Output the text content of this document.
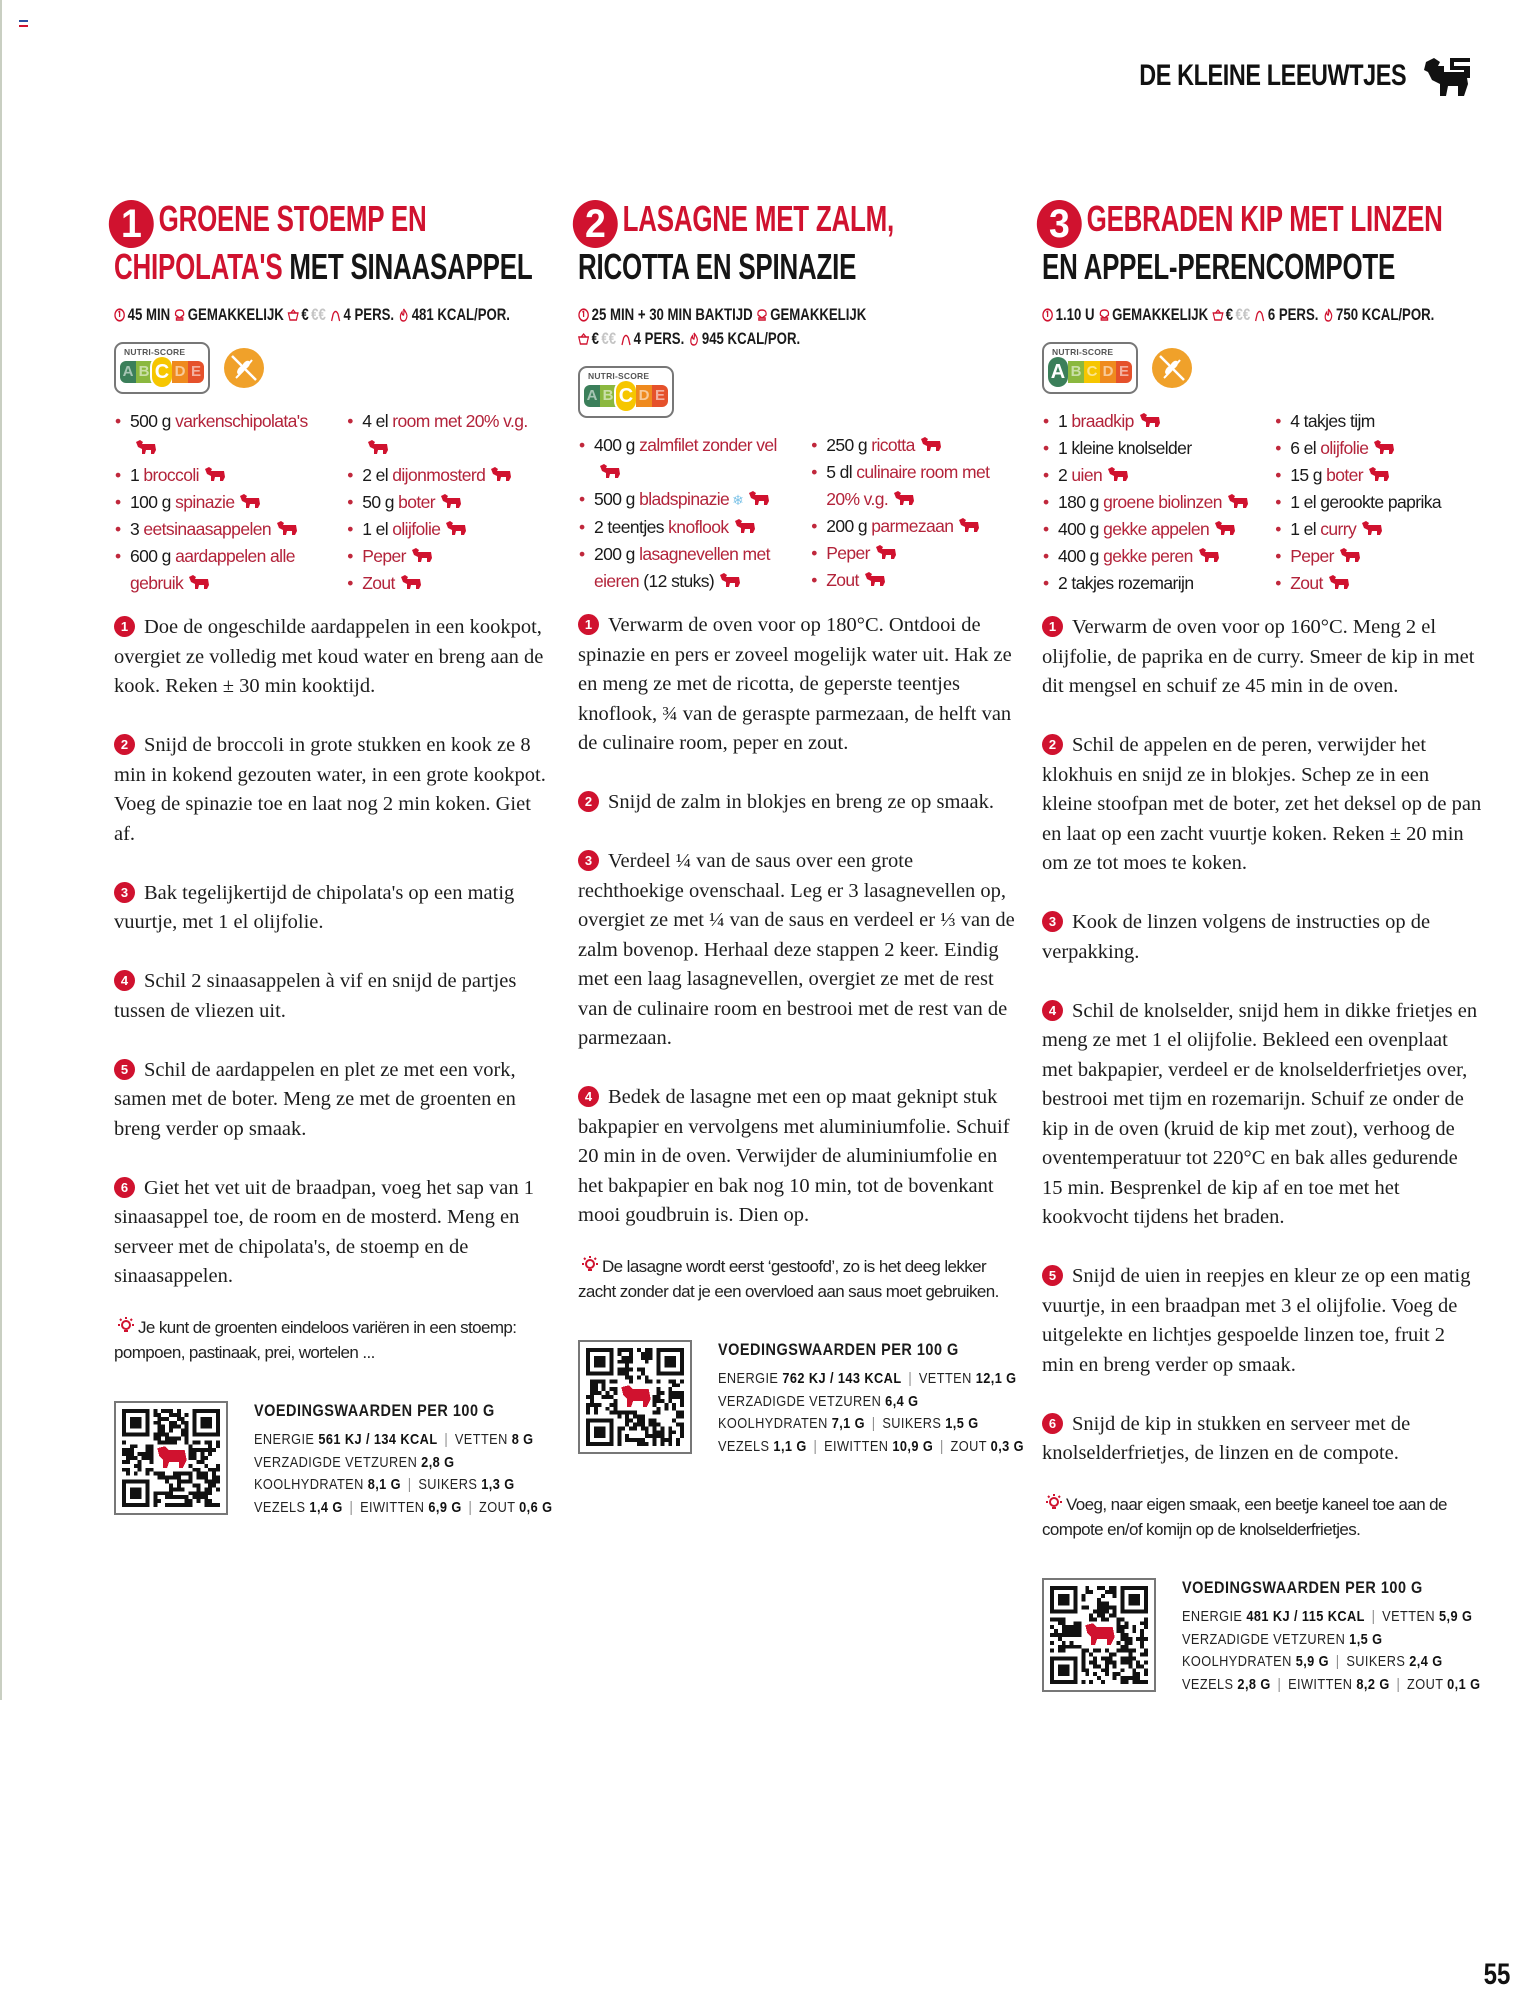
DE KLEINE LEEUWTJES
1 GROENE STOEMP EN
CHIPOLATA'S MET SINAASAPPEL
45 MIN GEMAKKELIJK € €€ 4 PERS. 481 KCAL/POR.
NUTRI-SCORE
A B C D E
• 500 g varkenschipolata's
• 1 broccoli
• 100 g spinazie
• 3 eetsinaasappelen
• 600 g aardappelen alle gebruik
• 4 el room met 20% v.g.
• 2 el dijonmosterd
• 50 g boter
• 1 el olijfolie
• Peper
• Zout

1 Doe de ongeschilde aardappelen in een kookpot, overgiet ze volledig met koud water en breng aan de kook. Reken ± 30 min kooktijd.

2 Snijd de broccoli in grote stukken en kook ze 8 min in kokend gezouten water, in een grote kookpot. Voeg de spinazie toe en laat nog 2 min koken. Giet af.

3 Bak tegelijkertijd de chipolata's op een matig vuurtje, met 1 el olijfolie.

4 Schil 2 sinaasappelen à vif en snijd de partjes tussen de vliezen uit.

5 Schil de aardappelen en plet ze met een vork, samen met de boter. Meng ze met de groenten en breng verder op smaak.

6 Giet het vet uit de braadpan, voeg het sap van 1 sinaasappel toe, de room en de mosterd. Meng en serveer met de chipolata's, de stoemp en de sinaasappelen.

Je kunt de groenten eindeloos variëren in een stoemp: pompoen, pastinaak, prei, wortelen ...
VOEDINGSWAARDEN PER 100 G
ENERGIE 561 KJ / 134 KCAL | VETTEN 8 G
VERZADIGDE VETZUREN 2,8 G
KOOLHYDRATEN 8,1 G | SUIKERS 1,3 G
VEZELS 1,4 G | EIWITTEN 6,9 G | ZOUT 0,6 G
2 LASAGNE MET ZALM,
RICOTTA EN SPINAZIE
25 MIN + 30 MIN BAKTIJD GEMAKKELIJK
€ €€ 4 PERS. 945 KCAL/POR.
NUTRI-SCORE
A B C D E
• 400 g zalmfilet zonder vel
• 500 g bladspinazie ❄
• 2 teentjes knoflook
• 200 g lasagnevellen met eieren (12 stuks)
• 250 g ricotta
• 5 dl culinaire room met 20% v.g.
• 200 g parmezaan
• Peper
• Zout

1 Verwarm de oven voor op 180°C. Ontdooi de spinazie en pers er zoveel mogelijk water uit. Hak ze en meng ze met de ricotta, de geperste teentjes knoflook, ¾ van de geraspte parmezaan, de helft van de culinaire room, peper en zout.

2 Snijd de zalm in blokjes en breng ze op smaak.

3 Verdeel ¼ van de saus over een grote rechthoekige ovenschaal. Leg er 3 lasagnevellen op, overgiet ze met ¼ van de saus en verdeel er ⅓ van de zalm bovenop. Herhaal deze stappen 2 keer. Eindig met een laag lasagnevellen, overgiet ze met de rest van de culinaire room en bestrooi met de rest van de parmezaan.

4 Bedek de lasagne met een op maat geknipt stuk bakpapier en vervolgens met aluminiumfolie. Schuif 20 min in de oven. Verwijder de aluminiumfolie en het bakpapier en bak nog 10 min, tot de bovenkant mooi goudbruin is. Dien op.

De lasagne wordt eerst ‘gestoofd’, zo is het deeg lekker zacht zonder dat je een overvloed aan saus moet gebruiken.
VOEDINGSWAARDEN PER 100 G
ENERGIE 762 KJ / 143 KCAL | VETTEN 12,1 G
VERZADIGDE VETZUREN 6,4 G
KOOLHYDRATEN 7,1 G | SUIKERS 1,5 G
VEZELS 1,1 G | EIWITTEN 10,9 G | ZOUT 0,3 G
3 GEBRADEN KIP MET LINZEN
EN APPEL-PERENCOMPOTE
1.10 U GEMAKKELIJK € €€ 6 PERS. 750 KCAL/POR.
NUTRI-SCORE
A B C D E
• 1 braadkip
• 1 kleine knolselder
• 2 uien
• 180 g groene biolinzen
• 400 g gekke appelen
• 400 g gekke peren
• 2 takjes rozemarijn
• 4 takjes tijm
• 6 el olijfolie
• 15 g boter
• 1 el gerookte paprika
• 1 el curry
• Peper
• Zout

1 Verwarm de oven voor op 160°C. Meng 2 el olijfolie, de paprika en de curry. Smeer de kip in met dit mengsel en schuif ze 45 min in de oven.

2 Schil de appelen en de peren, verwijder het klokhuis en snijd ze in blokjes. Schep ze in een kleine stoofpan met de boter, zet het deksel op de pan en laat op een zacht vuurtje koken. Reken ± 20 min om ze tot moes te koken.

3 Kook de linzen volgens de instructies op de verpakking.

4 Schil de knolselder, snijd hem in dikke frietjes en meng ze met 1 el olijfolie. Bekleed een ovenplaat met bakpapier, verdeel er de knolselderfrietjes over, bestrooi met tijm en rozemarijn. Schuif ze onder de kip in de oven (kruid de kip met zout), verhoog de oventemperatuur tot 220°C en bak alles gedurende 15 min. Besprenkel de kip af en toe met het kookvocht tijdens het braden.

5 Snijd de uien in reepjes en kleur ze op een matig vuurtje, in een braadpan met 3 el olijfolie. Voeg de uitgelekte en lichtjes gespoelde linzen toe, fruit 2 min en breng verder op smaak.

6 Snijd de kip in stukken en serveer met de knolselderfrietjes, de linzen en de compote.

Voeg, naar eigen smaak, een beetje kaneel toe aan de compote en/of komijn op de knolselderfrietjes.
VOEDINGSWAARDEN PER 100 G
ENERGIE 481 KJ / 115 KCAL | VETTEN 5,9 G
VERZADIGDE VETZUREN 1,5 G
KOOLHYDRATEN 5,9 G | SUIKERS 2,4 G
VEZELS 2,8 G | EIWITTEN 8,2 G | ZOUT 0,1 G
55
